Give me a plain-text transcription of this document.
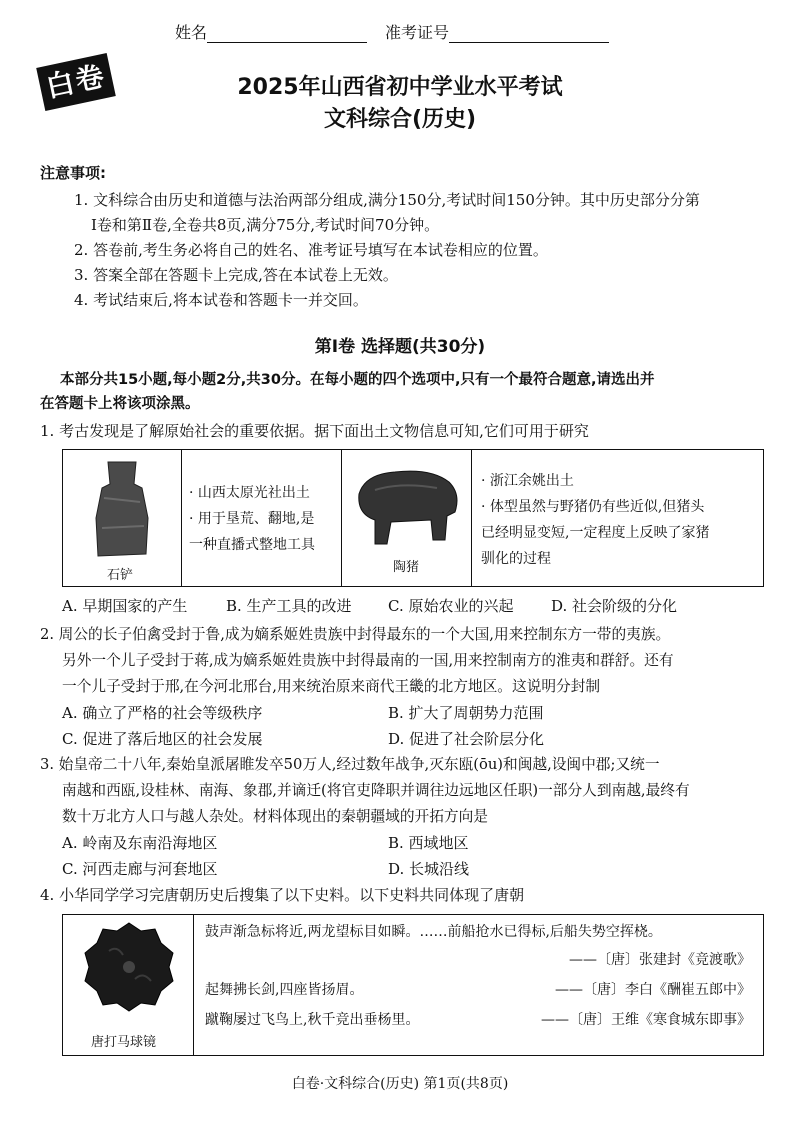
姓名	准考证号
白卷	2025年山西省初中学业水平考试
文科综合(历史)
注意事项:
1. 文科综合由历史和道德与法治两部分组成,满分150分,考试时间150分钟。其中历史部分分第
Ⅰ卷和第Ⅱ卷,全卷共8页,满分75分,考试时间70分钟。
2. 答卷前,考生务必将自己的姓名、准考证号填写在本试卷相应的位置。
3. 答案全部在答题卡上完成,答在本试卷上无效。
4. 考试结束后,将本试卷和答题卡一并交回。
第Ⅰ卷 选择题(共30分)
本部分共15小题,每小题2分,共30分。在每小题的四个选项中,只有一个最符合题意,请选出并
在答题卡上将该项涂黑。
1. 考古发现是了解原始社会的重要依据。据下面出土文物信息可知,它们可用于研究
石铲
· 山西太原光社出土
· 用于垦荒、翻地,是
一种直播式整地工具
陶猪
· 浙江余姚出土
· 体型虽然与野猪仍有些近似,但猪头
已经明显变短,一定程度上反映了家猪
驯化的过程
A. 早期国家的产生	B. 生产工具的改进 C. 原始农业的兴起	D. 社会阶级的分化
2. 周公的长子伯禽受封于鲁,成为嫡系姬姓贵族中封得最东的一个大国,用来控制东方一带的夷族。
另外一个儿子受封于蒋,成为嫡系姬姓贵族中封得最南的一国,用来控制南方的淮夷和群舒。还有
一个儿子受封于邢,在今河北邢台,用来统治原来商代王畿的北方地区。这说明分封制
A. 确立了严格的社会等级秩序	B. 扩大了周朝势力范围
C. 促进了落后地区的社会发展	D. 促进了社会阶层分化
3. 始皇帝二十八年,秦始皇派屠睢发卒50万人,经过数年战争,灭东瓯(ōu)和闽越,设闽中郡;又统一
南越和西瓯,设桂林、南海、象郡,并谪迁(将官吏降职并调往边远地区任职)一部分人到南越,最终有
数十万北方人口与越人杂处。材料体现出的秦朝疆域的开拓方向是
A. 岭南及东南沿海地区	B. 西域地区
C. 河西走廊与河套地区	D. 长城沿线
4. 小华同学学习完唐朝历史后搜集了以下史料。以下史料共同体现了唐朝
唐打马球镜
鼓声渐急标将近,两龙望标目如瞬。……前船抢水已得标,后船失势空挥桡。
——〔唐〕张建封《竞渡歌》
起舞拂长剑,四座皆扬眉。	——〔唐〕李白《酬崔五郎中》
蹴鞠屡过飞鸟上,秋千竞出垂杨里。	——〔唐〕王维《寒食城东即事》
白卷·文科综合(历史) 第1页(共8页)
